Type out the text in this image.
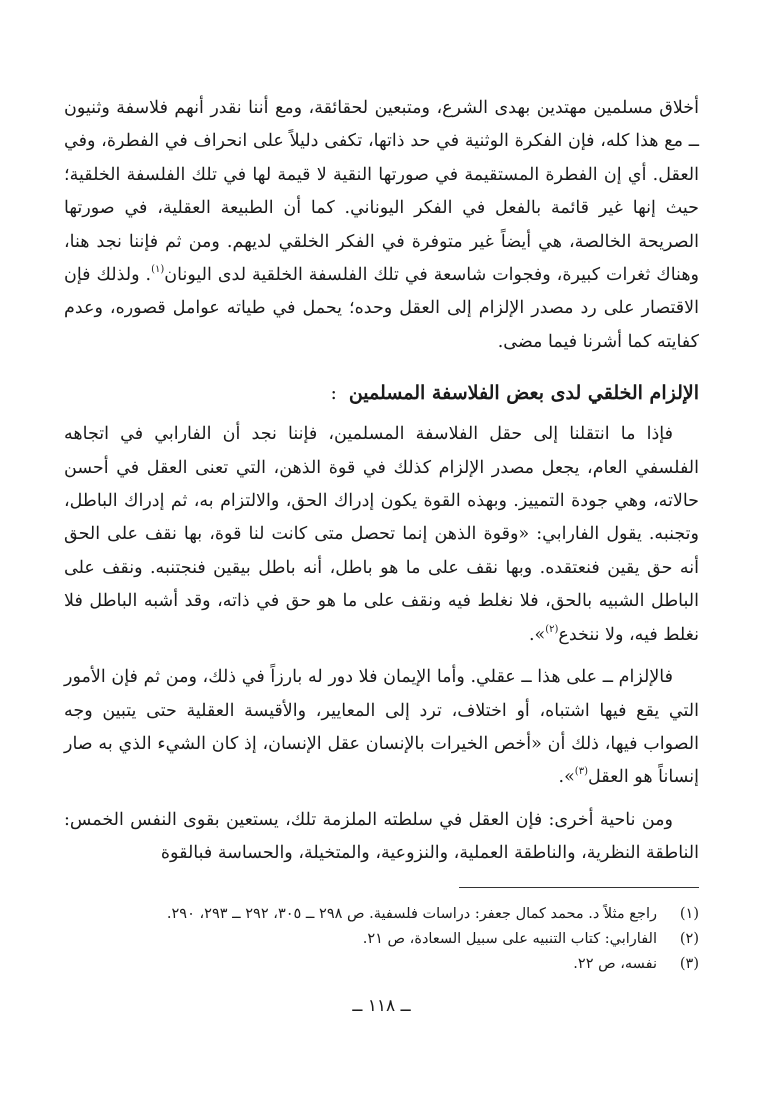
أخلاق مسلمين مهتدين بهدى الشرع، ومتبعين لحقائقة، ومع أننا نقدر أنهم فلاسفة وثنيون ــ مع هذا كله، فإن الفكرة الوثنية في حد ذاتها، تكفى دليلاً على انحراف في الفطرة، وفي العقل. أي إن الفطرة المستقيمة في صورتها النقية لا قيمة لها في تلك الفلسفة الخلقية؛ حيث إنها غير قائمة بالفعل في الفكر اليوناني. كما أن الطبيعة العقلية، في صورتها الصريحة الخالصة، هي أيضاً غير متوفرة في الفكر الخلقي لديهم. ومن ثم فإننا نجد هنا، وهناك ثغرات كبيرة، وفجوات شاسعة في تلك الفلسفة الخلقية لدى اليونان$^{(١)}$. ولذلك فإن الاقتصار على رد مصدر الإلزام إلى العقل وحده؛ يحمل في طياته عوامل قصوره، وعدم كفايته كما أشرنا فيما مضى.

الإلزام الخلقي لدى بعض الفلاسفة المسلمين:

فإذا ما انتقلنا إلى حقل الفلاسفة المسلمين، فإننا نجد أن الفارابي في اتجاهه الفلسفي العام، يجعل مصدر الإلزام كذلك في قوة الذهن، التي تعنى العقل في أحسن حالاته، وهي جودة التمييز. وبهذه القوة يكون إدراك الحق، والالتزام به، ثم إدراك الباطل، وتجنبه. يقول الفارابي: «وقوة الذهن إنما تحصل متى كانت لنا قوة، بها نقف على الحق أنه حق يقين فنعتقده. وبها نقف على ما هو باطل، أنه باطل بيقين فنجتنبه. ونقف على الباطل الشبيه بالحق، فلا نغلط فيه ونقف على ما هو حق في ذاته، وقد أشبه الباطل فلا نغلط فيه، ولا ننخدع$^{(٢)}$».

فالإلزام ــ على هذا ــ عقلي. وأما الإيمان فلا دور له بارزاً في ذلك، ومن ثم فإن الأمور التي يقع فيها اشتباه، أو اختلاف، ترد إلى المعايير، والأقيسة العقلية حتى يتبين وجه الصواب فيها، ذلك أن «أخص الخيرات بالإنسان عقل الإنسان، إذ كان الشيء الذي به صار إنساناً هو العقل$^{(٣)}$».

ومن ناحية أخرى: فإن العقل في سلطته الملزمة تلك، يستعين بقوى النفس الخمس: الناطقة النظرية، والناطقة العملية، والنزوعية، والمتخيلة، والحساسة فبالقوة

(١)
راجع مثلاً د. محمد كمال جعفر: دراسات فلسفية. ص ٢٩٨ ــ ٣٠٥، ٢٩٢ ــ ٢٩٣، ٢٩٠.
(٢)
الفارابي: كتاب التنبيه على سبيل السعادة، ص ٢١.
(٣)
نفسه، ص ٢٢.
ــ ١١٨ ــ
